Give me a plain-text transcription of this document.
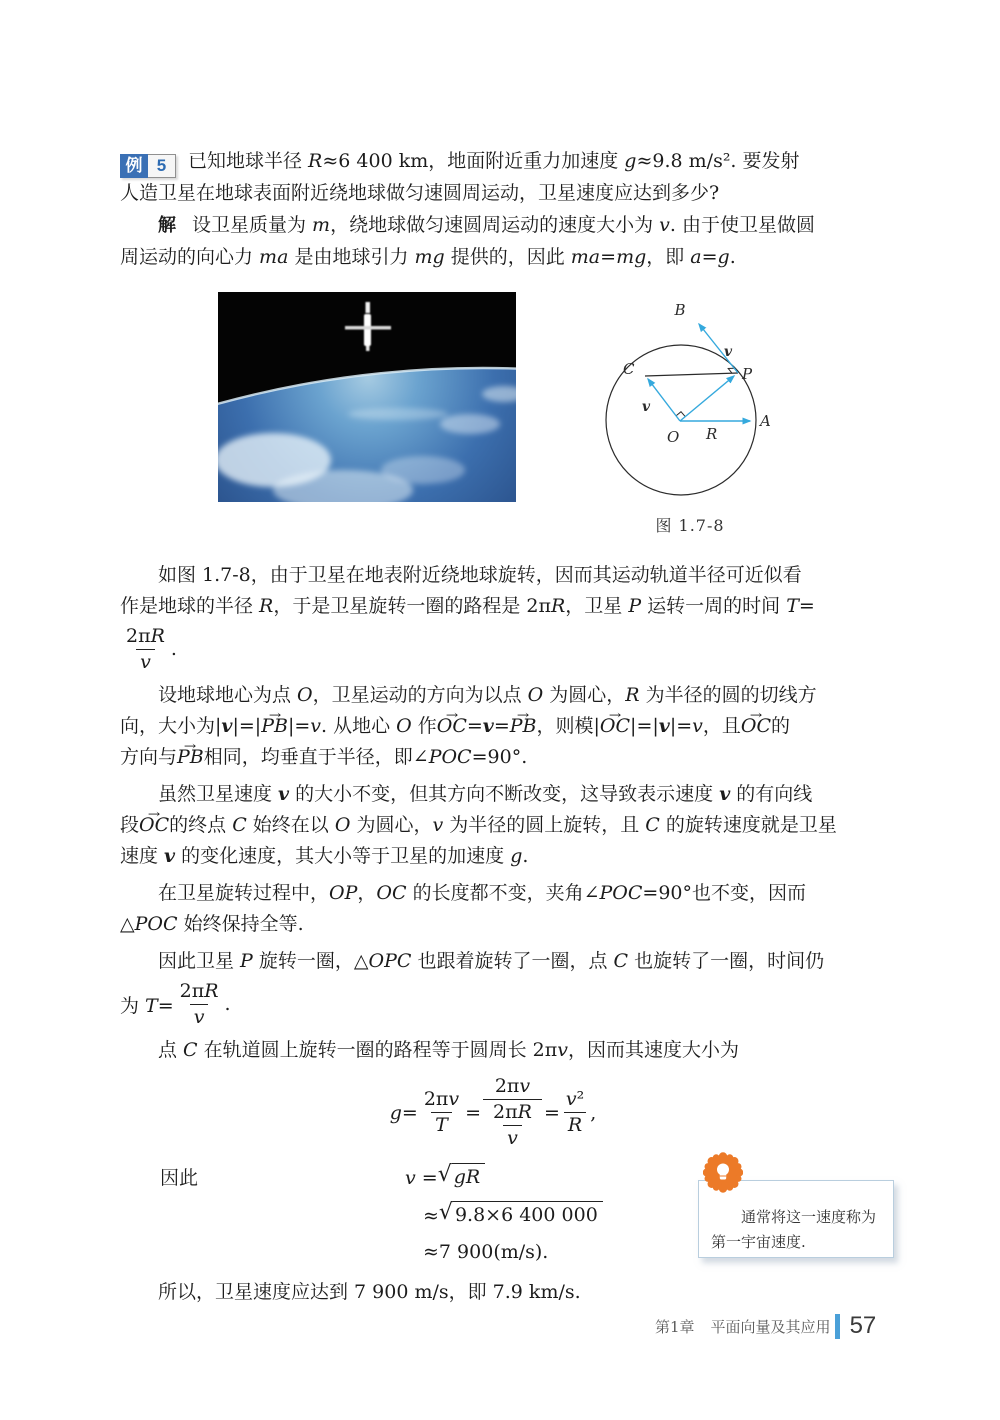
例 5	已知地球半径 R≈6 400 km，地面附近重力加速度 g≈9.8 m/s². 要发射
人造卫星在地球表面附近绕地球做匀速圆周运动，卫星速度应达到多少?
解 设卫星质量为 m，绕地球做匀速圆周运动的速度大小为 v. 由于使卫星做圆
周运动的向心力 ma 是由地球引力 mg 提供的，因此 ma=mg，即 a=g.
B
P
A
O
C
R
v
v
图 1.7-8
如图 1.7-8，由于卫星在地表附近绕地球旋转，因而其运动轨道半径可近似看
作是地球的半径 R，于是卫星旋转一圈的路程是 2πR，卫星 P 运转一周的时间 T=
$\frac{2\pi R}{v}$ .
设地球地心为点 O，卫星运动的方向为以点 O 为圆心，R 为半径的圆的切线方
向，大小为|v|=|PB →|=v. 从地心 O 作OC →=v=PB →，则模|OC →|=|v|=v，且OC →的
方向与PB →相同，均垂直于半径，即∠POC=90°.
虽然卫星速度 v 的大小不变，但其方向不断改变，这导致表示速度 v 的有向线
段OC →的终点 C 始终在以 O 为圆心，v 为半径的圆上旋转，且 C 的旋转速度就是卫星
速度 v 的变化速度，其大小等于卫星的加速度 g.
在卫星旋转过程中，OP，OC 的长度都不变，夹角∠POC=90°也不变，因而
△POC 始终保持全等.
因此卫星 P 旋转一圈，△OPC 也跟着旋转了一圈，点 C 也旋转了一圈，时间仍
为 $T= \frac{2\pi R}{v}$ .
点 C 在轨道圆上旋转一圈的路程等于圆周长 2πv，因而其速度大小为
$g= \frac{2\pi v}{T} = \frac{2\pi v}{\frac{2\pi R}{v}} = \frac{\text{v²}}{R}$ ,
因此	v = √ gR
≈ √ 9.8×6 400 000
≈7 900(m/s).
所以，卫星速度应达到 7 900 m/s，即 7.9 km/s.
通常将这一速度称为
第一宇宙速度.
第1章 平面向量及其应用 57
